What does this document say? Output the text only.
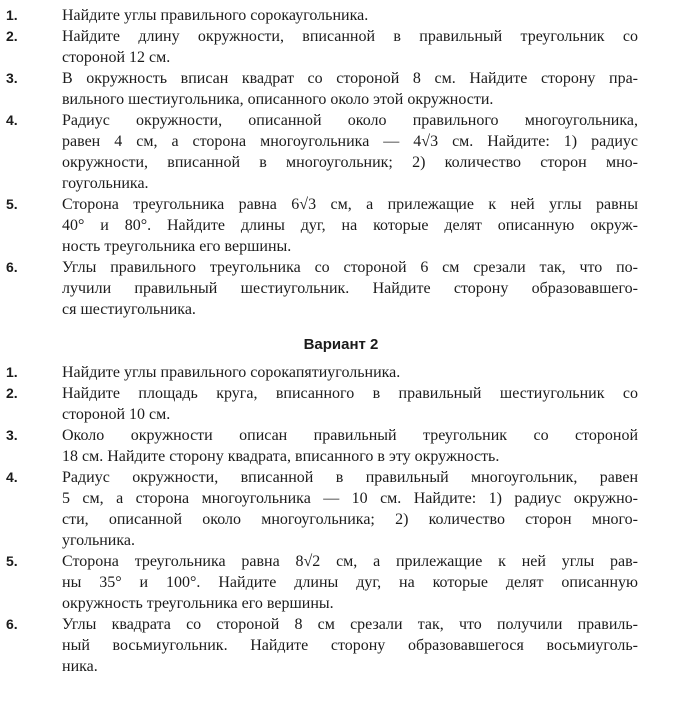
1.	Найдите углы правильного сорокаугольника.
2.	Найдите длину окружности, вписанной в правильный треугольник со
стороной 12 см.
3.	В окружность вписан квадрат со стороной 8 см. Найдите сторону пра-
вильного шестиугольника, описанного около этой окружности.
4.	Радиус окружности, описанной около правильного многоугольника,
равен 4 см, а сторона многоугольника — 4√3 см. Найдите: 1) радиус
окружности, вписанной в многоугольник; 2) количество сторон мно-
гоугольника.
5.	Сторона треугольника равна 6√3 см, а прилежащие к ней углы равны
40° и 80°. Найдите длины дуг, на которые делят описанную окруж-
ность треугольника его вершины.
6.	Углы правильного треугольника со стороной 6 см срезали так, что по-
лучили правильный шестиугольник. Найдите сторону образовавшего-
ся шестиугольника.
Вариант 2
1.	Найдите углы правильного сорокапятиугольника.
2.	Найдите площадь круга, вписанного в правильный шестиугольник со
стороной 10 см.
3.	Около окружности описан правильный треугольник со стороной
18 см. Найдите сторону квадрата, вписанного в эту окружность.
4.	Радиус окружности, вписанной в правильный многоугольник, равен
5 см, а сторона многоугольника — 10 см. Найдите: 1) радиус окружно-
сти, описанной около многоугольника; 2) количество сторон много-
угольника.
5.	Сторона треугольника равна 8√2 см, а прилежащие к ней углы рав-
ны 35° и 100°. Найдите длины дуг, на которые делят описанную
окружность треугольника его вершины.
6.	Углы квадрата со стороной 8 см срезали так, что получили правиль-
ный восьмиугольник. Найдите сторону образовавшегося восьмиуголь-
ника.
